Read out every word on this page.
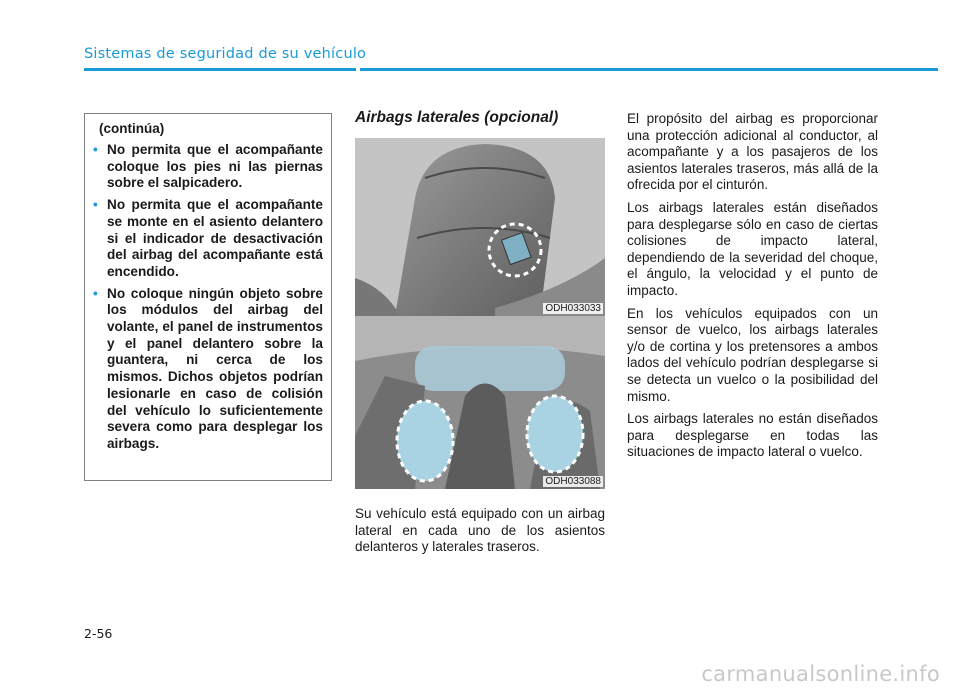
Sistemas de seguridad de su vehículo
(continúa)
• No permita que el acompañante coloque los pies ni las piernas sobre el salpicadero.
• No permita que el acompañante se monte en el asiento delantero si el indicador de desactivación del airbag del acompañante está encendido.
• No coloque ningún objeto sobre los módulos del airbag del volante, el panel de instrumentos y el panel delantero sobre la guantera, ni cerca de los mismos. Dichos objetos podrían lesionarle en caso de colisión del vehículo lo suficientemente severa como para desplegar los airbags.
Airbags laterales (opcional)
ODH033033
ODH033088
Su vehículo está equipado con un airbag lateral en cada uno de los asientos delanteros y laterales traseros.

El propósito del airbag es proporcionar una protección adicional al conductor, al acompañante y a los pasajeros de los asientos laterales traseros, más allá de la ofrecida por el cinturón.

Los airbags laterales están diseñados para desplegarse sólo en caso de ciertas colisiones de impacto lateral, dependiendo de la severidad del choque, el ángulo, la velocidad y el punto de impacto.

En los vehículos equipados con un sensor de vuelco, los airbags laterales y/o de cortina y los pretensores a ambos lados del vehículo podrían desplegarse si se detecta un vuelco o la posibilidad del mismo.

Los airbags laterales no están diseñados para desplegarse en todas las situaciones de impacto lateral o vuelco.

2-56
carmanualsonline.info
